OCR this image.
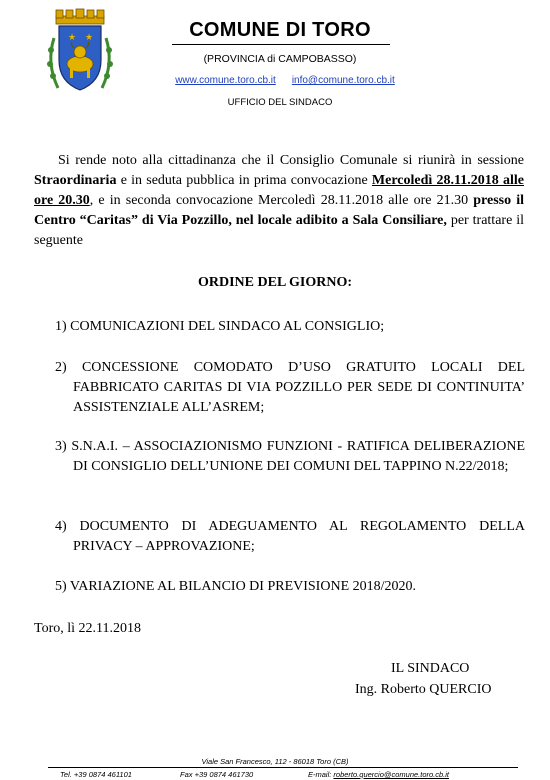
★ ★	COMUNE DI TORO
(PROVINCIA di CAMPOBASSO)
www.comune.toro.cb.it info@comune.toro.cb.it
UFFICIO DEL SINDACO

Si rende noto alla cittadinanza che il Consiglio Comunale si riunirà in sessione Straordinaria e in seduta pubblica in prima convocazione Mercoledì 28.11.2018 alle ore 20.30, e in seconda convocazione Mercoledì 28.11.2018 alle ore 21.30 presso il Centro “Caritas” di Via Pozzillo, nel locale adibito a Sala Consiliare, per trattare il seguente

ORDINE DEL GIORNO:

1) COMUNICAZIONI DEL SINDACO AL CONSIGLIO;

2) CONCESSIONE COMODATO D’USO GRATUITO LOCALI DEL FABBRICATO CARITAS DI VIA POZZILLO PER SEDE DI CONTINUITA’ ASSISTENZIALE ALL’ASREM;

3) S.N.A.I. – ASSOCIAZIONISMO FUNZIONI - RATIFICA DELIBERAZIONE DI CONSIGLIO DELL’UNIONE DEI COMUNI DEL TAPPINO N.22/2018;

4) DOCUMENTO DI ADEGUAMENTO AL REGOLAMENTO DELLA PRIVACY – APPROVAZIONE;

5) VARIAZIONE AL BILANCIO DI PREVISIONE 2018/2020.

Toro, lì 22.11.2018
IL SINDACO
Ing. Roberto QUERCIO
Viale San Francesco, 112 - 86018 Toro (CB)
Tel. +39 0874 461101	Fax +39 0874 461730	E-mail: roberto.quercio@comune.toro.cb.it
